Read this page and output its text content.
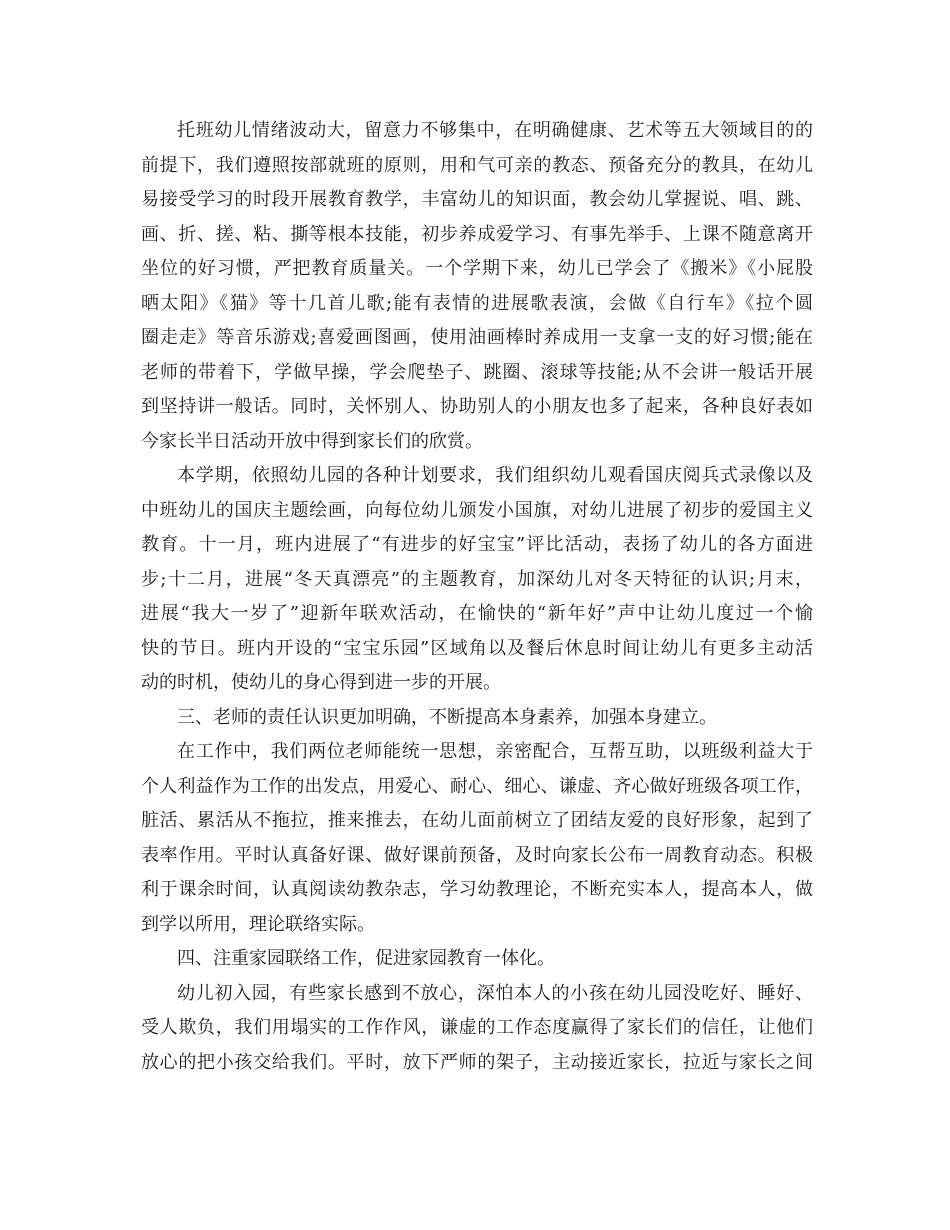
托班幼儿情绪波动大，留意力不够集中，在明确健康、艺术等五大领域目的的
前提下，我们遵照按部就班的原则，用和气可亲的教态、预备充分的教具，在幼儿
易接受学习的时段开展教育教学，丰富幼儿的知识面，教会幼儿掌握说、唱、跳、
画、折、搓、粘、撕等根本技能，初步养成爱学习、有事先举手、上课不随意离开
坐位的好习惯，严把教育质量关。一个学期下来，幼儿已学会了《搬米》《小屁股
晒太阳》《猫》等十几首儿歌;能有表情的进展歌表演，会做《自行车》《拉个圆
圈走走》等音乐游戏;喜爱画图画，使用油画棒时养成用一支拿一支的好习惯;能在
老师的带着下，学做早操，学会爬垫子、跳圈、滚球等技能;从不会讲一般话开展
到坚持讲一般话。同时，关怀别人、协助别人的小朋友也多了起来，各种良好表如
今家长半日活动开放中得到家长们的欣赏。
本学期，依照幼儿园的各种计划要求，我们组织幼儿观看国庆阅兵式录像以及
中班幼儿的国庆主题绘画，向每位幼儿颁发小国旗，对幼儿进展了初步的爱国主义
教育。十一月，班内进展了“有进步的好宝宝”评比活动，表扬了幼儿的各方面进
步;十二月，进展“冬天真漂亮”的主题教育，加深幼儿对冬天特征的认识;月末，
进展“我大一岁了”迎新年联欢活动，在愉快的“新年好”声中让幼儿度过一个愉
快的节日。班内开设的“宝宝乐园”区域角以及餐后休息时间让幼儿有更多主动活
动的时机，使幼儿的身心得到进一步的开展。
三、老师的责任认识更加明确，不断提高本身素养，加强本身建立。
在工作中，我们两位老师能统一思想，亲密配合，互帮互助，以班级利益大于
个人利益作为工作的出发点，用爱心、耐心、细心、谦虚、齐心做好班级各项工作，
脏活、累活从不拖拉，推来推去，在幼儿面前树立了团结友爱的良好形象，起到了
表率作用。平时认真备好课、做好课前预备，及时向家长公布一周教育动态。积极
利于课余时间，认真阅读幼教杂志，学习幼教理论，不断充实本人，提高本人，做
到学以所用，理论联络实际。
四、注重家园联络工作，促进家园教育一体化。
幼儿初入园，有些家长感到不放心，深怕本人的小孩在幼儿园没吃好、睡好、
受人欺负，我们用塌实的工作作风，谦虚的工作态度赢得了家长们的信任，让他们
放心的把小孩交给我们。平时，放下严师的架子，主动接近家长，拉近与家长之间
